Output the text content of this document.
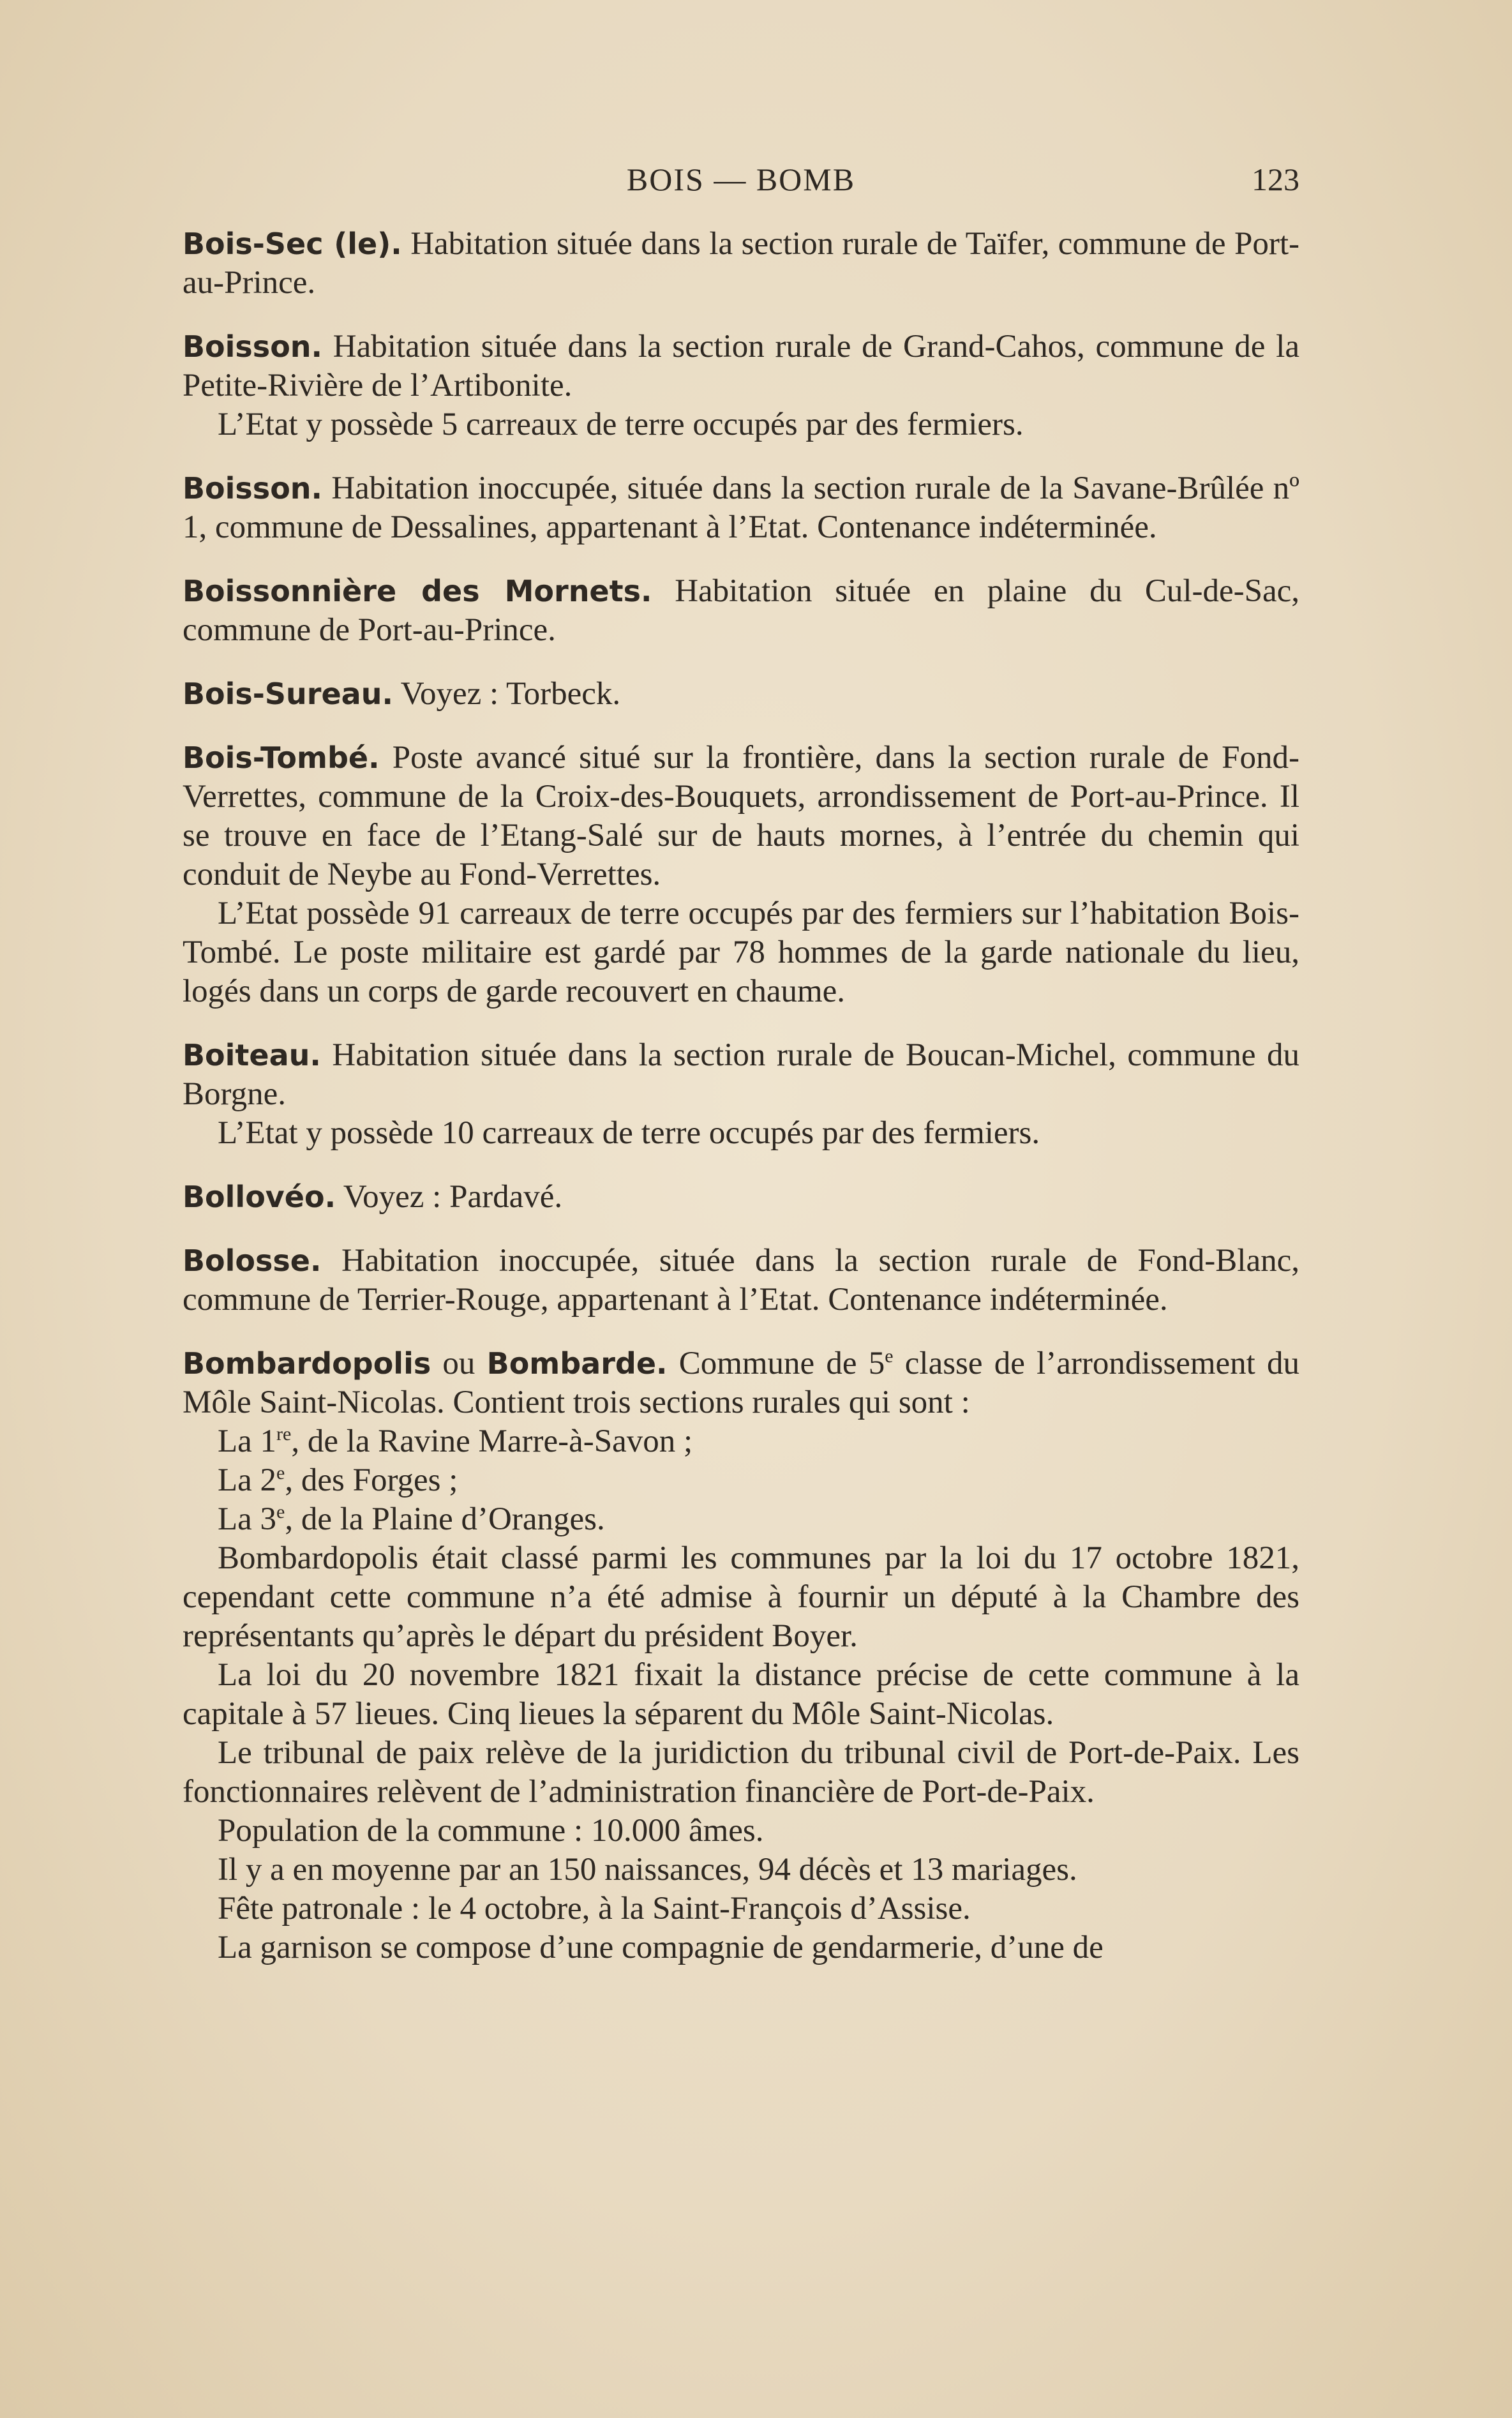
BOIS — BOMB	123

Bois-Sec (le). Habitation située dans la section rurale de Taïfer, commune de Port-au-Prince.

Boisson. Habitation située dans la section rurale de Grand-Cahos, commune de la Petite-Rivière de l’Artibonite.

L’Etat y possède 5 carreaux de terre occupés par des fermiers.

Boisson. Habitation inoccupée, située dans la section rurale de la Savane-Brûlée nº 1, commune de Dessalines, appartenant à l’Etat. Contenance indéterminée.

Boissonnière des Mornets. Habitation située en plaine du Cul-de-Sac, commune de Port-au-Prince.

Bois-Sureau. Voyez : Torbeck.

Bois-Tombé. Poste avancé situé sur la frontière, dans la section rurale de Fond-Verrettes, commune de la Croix-des-Bouquets, arrondissement de Port-au-Prince. Il se trouve en face de l’Etang-Salé sur de hauts mornes, à l’entrée du chemin qui conduit de Neybe au Fond-Verrettes.

L’Etat possède 91 carreaux de terre occupés par des fermiers sur l’habitation Bois-Tombé. Le poste militaire est gardé par 78 hommes de la garde nationale du lieu, logés dans un corps de garde recouvert en chaume.

Boiteau. Habitation située dans la section rurale de Boucan-Michel, commune du Borgne.

L’Etat y possède 10 carreaux de terre occupés par des fermiers.

Bollovéo. Voyez : Pardavé.

Bolosse. Habitation inoccupée, située dans la section rurale de Fond-Blanc, commune de Terrier-Rouge, appartenant à l’Etat. Contenance indéterminée.

Bombardopolis ou Bombarde. Commune de 5e classe de l’arrondissement du Môle Saint-Nicolas. Contient trois sections rurales qui sont :

La 1re, de la Ravine Marre-à-Savon ;

La 2e, des Forges ;

La 3e, de la Plaine d’Oranges.

Bombardopolis était classé parmi les communes par la loi du 17 octobre 1821, cependant cette commune n’a été admise à fournir un député à la Chambre des représentants qu’après le départ du président Boyer.

La loi du 20 novembre 1821 fixait la distance précise de cette commune à la capitale à 57 lieues. Cinq lieues la séparent du Môle Saint-Nicolas.

Le tribunal de paix relève de la juridiction du tribunal civil de Port-de-Paix. Les fonctionnaires relèvent de l’administration financière de Port-de-Paix.

Population de la commune : 10.000 âmes.

Il y a en moyenne par an 150 naissances, 94 décès et 13 mariages.

Fête patronale : le 4 octobre, à la Saint-François d’Assise.

La garnison se compose d’une compagnie de gendarmerie, d’une de
